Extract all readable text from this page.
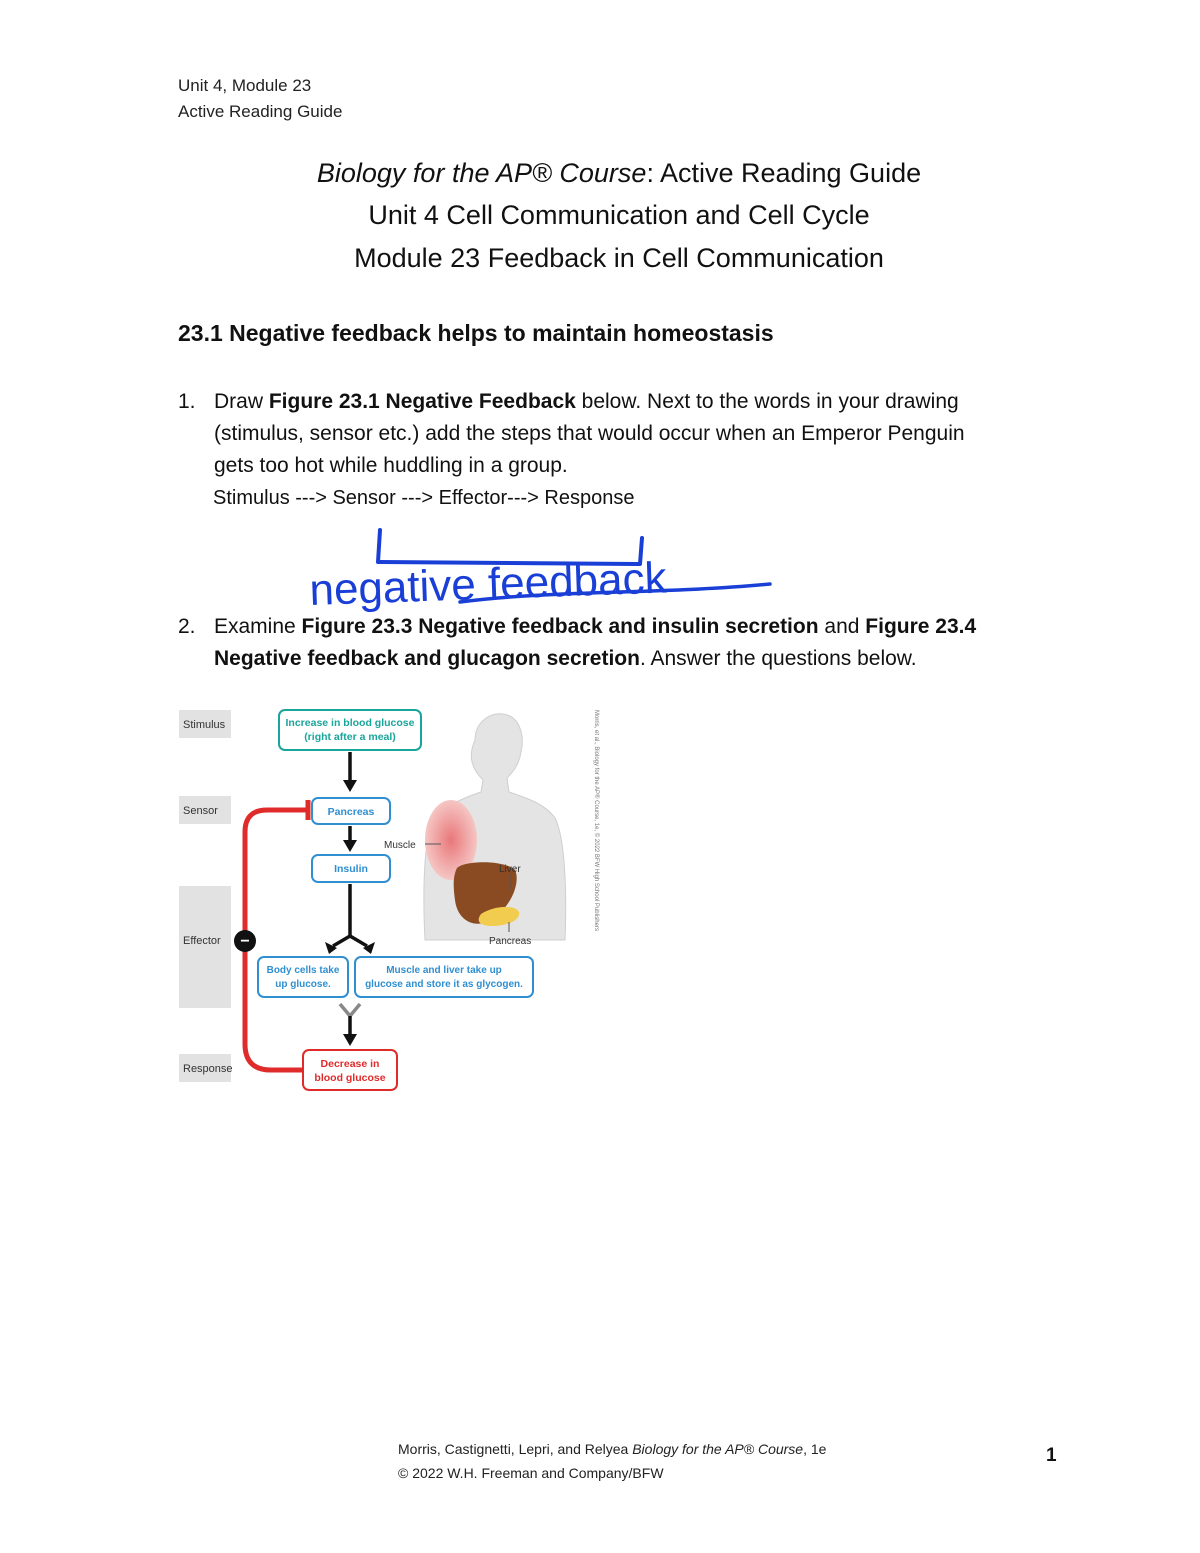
Unit 4, Module 23
Active Reading Guide
Biology for the AP® Course: Active Reading Guide
Unit 4 Cell Communication and Cell Cycle
Module 23 Feedback in Cell Communication
23.1 Negative feedback helps to maintain homeostasis
1. Draw Figure 23.1 Negative Feedback below. Next to the words in your drawing
(stimulus, sensor etc.) add the steps that would occur when an Emperor Penguin
gets too hot while huddling in a group.
Stimulus ---> Sensor ---> Effector---> Response
negative feedback
2. Examine Figure 23.3 Negative feedback and insulin secretion and Figure 23.4
Negative feedback and glucagon secretion. Answer the questions below.
Stimulus
Sensor
Effector
Response
Muscle
Liver
Pancreas
Morris, et al., Biology for the AP® Course, 1e, © 2022 BFW High School Publishers
−
Increase in blood glucose
(right after a meal)
Pancreas
Insulin
Body cells take
up glucose.
Muscle and liver take up
glucose and store it as glycogen.
Decrease in
blood glucose
Morris, Castignetti, Lepri, and Relyea Biology for the AP® Course, 1e
© 2022 W.H. Freeman and Company/BFW
1
